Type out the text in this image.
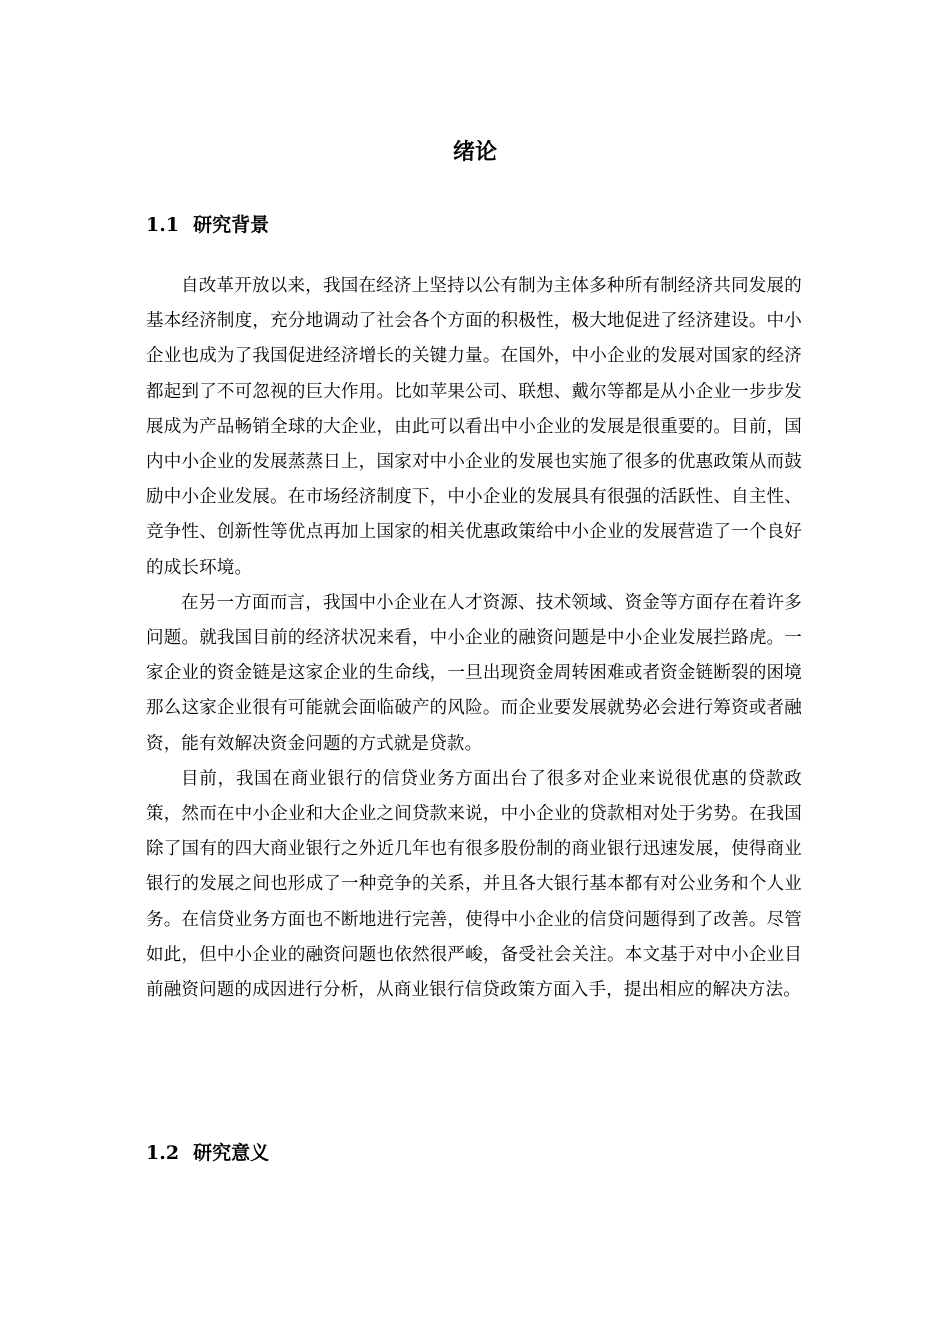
绪论
1.1 研究背景

自改革开放以来，我国在经济上坚持以公有制为主体多种所有制经济共同发展的基本经济制度，充分地调动了社会各个方面的积极性，极大地促进了经济建设。中小企业也成为了我国促进经济增长的关键力量。在国外，中小企业的发展对国家的经济都起到了不可忽视的巨大作用。比如苹果公司、联想、戴尔等都是从小企业一步步发展成为产品畅销全球的大企业，由此可以看出中小企业的发展是很重要的。目前，国内中小企业的发展蒸蒸日上，国家对中小企业的发展也实施了很多的优惠政策从而鼓励中小企业发展。在市场经济制度下，中小企业的发展具有很强的活跃性、自主性、竞争性、创新性等优点再加上国家的相关优惠政策给中小企业的发展营造了一个良好的成长环境。

在另一方面而言，我国中小企业在人才资源、技术领域、资金等方面存在着许多问题。就我国目前的经济状况来看，中小企业的融资问题是中小企业发展拦路虎。一家企业的资金链是这家企业的生命线，一旦出现资金周转困难或者资金链断裂的困境那么这家企业很有可能就会面临破产的风险。而企业要发展就势必会进行筹资或者融资，能有效解决资金问题的方式就是贷款。

目前，我国在商业银行的信贷业务方面出台了很多对企业来说很优惠的贷款政策，然而在中小企业和大企业之间贷款来说，中小企业的贷款相对处于劣势。在我国除了国有的四大商业银行之外近几年也有很多股份制的商业银行迅速发展，使得商业银行的发展之间也形成了一种竞争的关系，并且各大银行基本都有对公业务和个人业务。在信贷业务方面也不断地进行完善，使得中小企业的信贷问题得到了改善。尽管如此，但中小企业的融资问题也依然很严峻，备受社会关注。本文基于对中小企业目前融资问题的成因进行分析，从商业银行信贷政策方面入手，提出相应的解决方法。

1.2 研究意义
